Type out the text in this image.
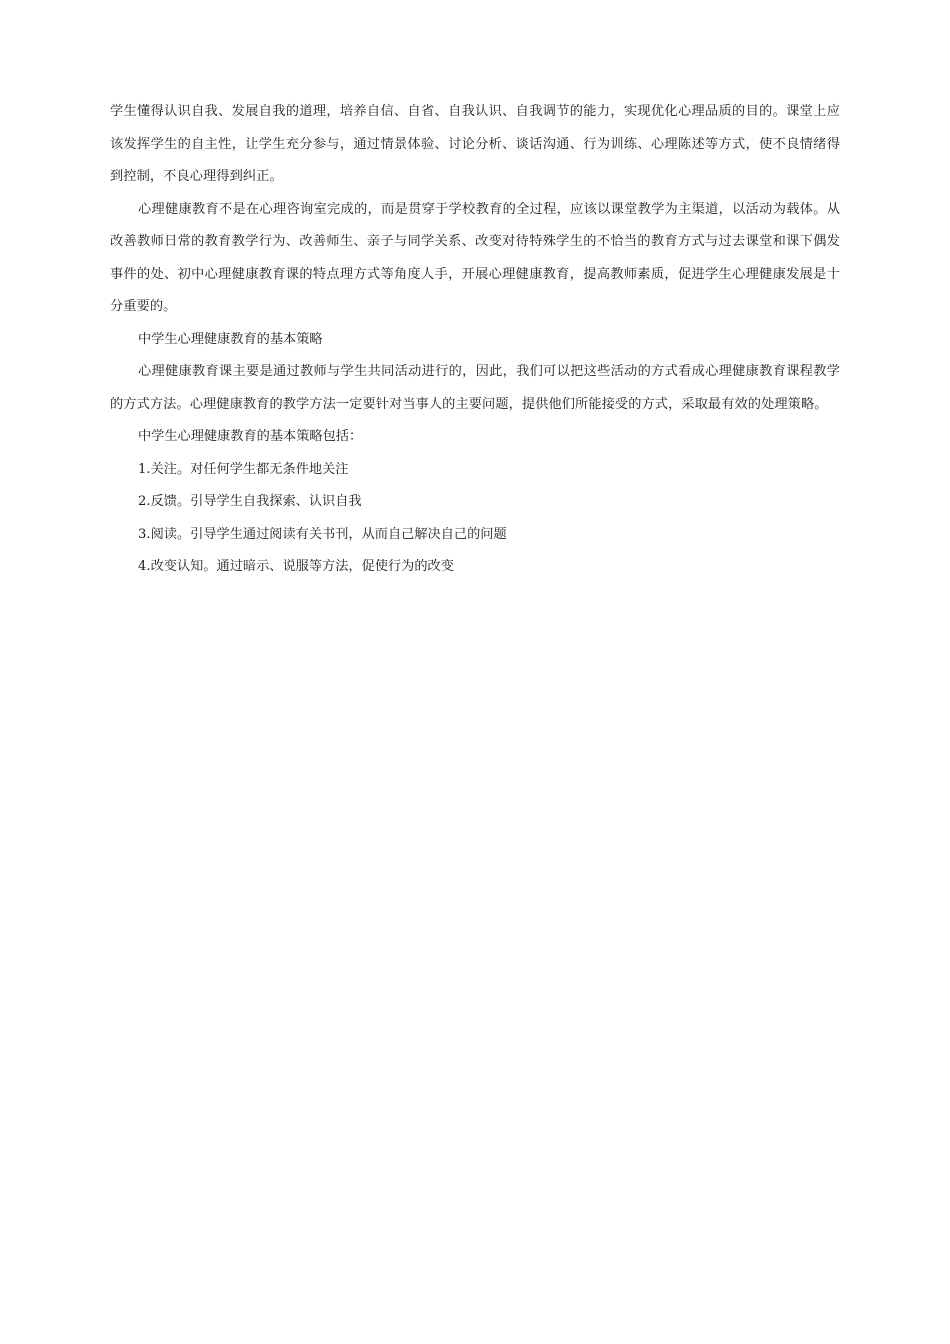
学生懂得认识自我、发展自我的道理，培养自信、自省、自我认识、自我调节的能力，实现优化心理品质的目的。课堂上应该发挥学生的自主性，让学生充分参与，通过情景体验、讨论分析、谈话沟通、行为训练、心理陈述等方式，使不良情绪得到控制，不良心理得到纠正。

心理健康教育不是在心理咨询室完成的，而是贯穿于学校教育的全过程，应该以课堂教学为主渠道，以活动为载体。从改善教师日常的教育教学行为、改善师生、亲子与同学关系、改变对待特殊学生的不恰当的教育方式与过去课堂和课下偶发事件的处、初中心理健康教育课的特点理方式等角度人手，开展心理健康教育，提高教师素质，促进学生心理健康发展是十分重要的。

中学生心理健康教育的基本策略

心理健康教育课主要是通过教师与学生共同活动进行的，因此，我们可以把这些活动的方式看成心理健康教育课程教学的方式方法。心理健康教育的教学方法一定要针对当事人的主要问题，提供他们所能接受的方式，采取最有效的处理策略。

中学生心理健康教育的基本策略包括：

1.关注。对任何学生都无条件地关注

2.反馈。引导学生自我探索、认识自我

3.阅读。引导学生通过阅读有关书刊，从而自己解决自己的问题

4.改变认知。通过暗示、说服等方法，促使行为的改变
